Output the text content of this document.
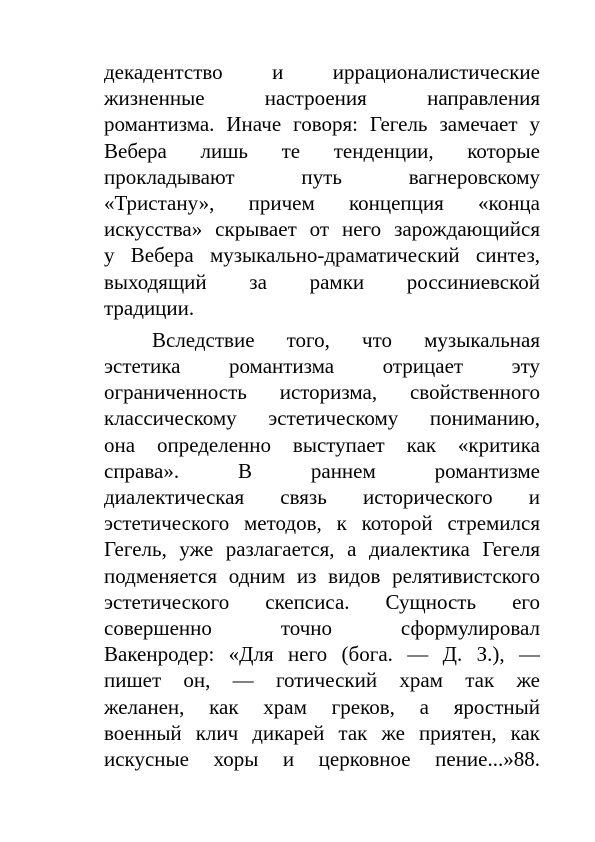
декадентство и иррационалистические
жизненные настроения направления
романтизма. Иначе говоря: Гегель замечает у
Вебера лишь те тенденции, которые
прокладывают путь вагнеровскому
«Тристану», причем концепция «конца
искусства» скрывает от него зарождающийся
у Вебера музыкально-драматический синтез,
выходящий за рамки россиниевской
традиции.
Вследствие того, что музыкальная
эстетика романтизма отрицает эту
ограниченность историзма, свойственного
классическому эстетическому пониманию,
она определенно выступает как «критика
справа». В раннем романтизме
диалектическая связь исторического и
эстетического методов, к которой стремился
Гегель, уже разлагается, а диалектика Гегеля
подменяется одним из видов релятивистского
эстетического скепсиса. Сущность его
совершенно точно сформулировал
Вакенродер: «Для него (бога. — Д. З.), —
пишет он, — готический храм так же
желанен, как храм греков, а яростный
военный клич дикарей так же приятен, как
искусные хоры и церковное пение...»88.
